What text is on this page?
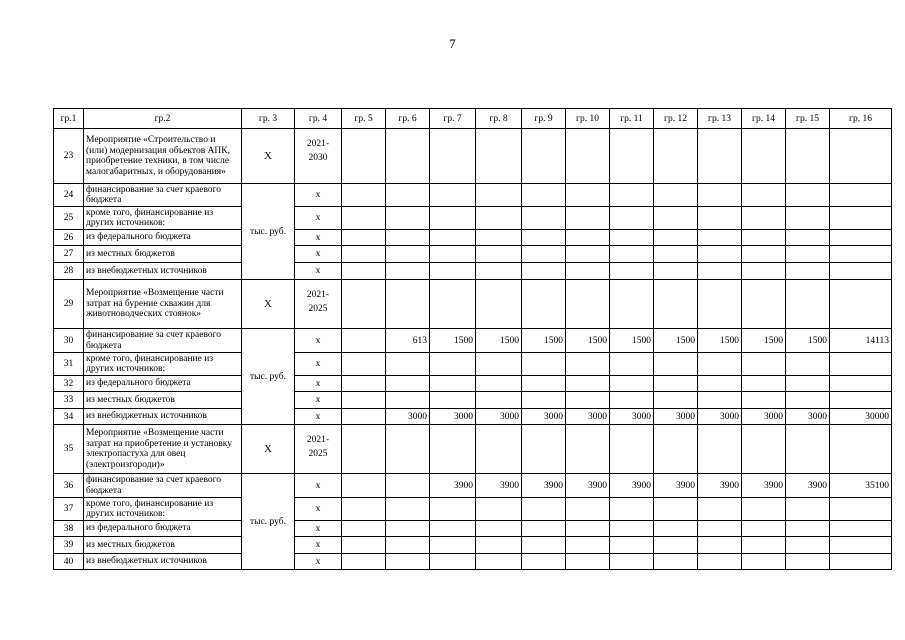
7
гр.1	гр.2	гр. 3	гр. 4	гр. 5	гр. 6	гр. 7	гр. 8	гр. 9	гр. 10	гр. 11	гр. 12	гр. 13	гр. 14	гр. 15	гр. 16
23	Мероприятие «Строительство и (или) модернизация объектов АПК, приобретение техники, в том числе малогабаритных, и оборудования»	Х	2021-
2030												
24	финансирование за счет краевого бюджета	тыс. руб.	х												
25	кроме того, финансирование из других источников:		х												
26	из федерального бюджета		х												
27	из местных бюджетов		х												
28	из внебюджетных источников		х												
29	Мероприятие «Возмещение части затрат на бурение скважин для животноводческих стоянок»	Х	2021-
2025												
30	финансирование за счет краевого бюджета	тыс. руб.	х		613	1500	1500	1500	1500	1500	1500	1500	1500	1500	14113
31	кроме того, финансирование из других источников:		х												
32	из федерального бюджета		х												
33	из местных бюджетов		х												
34	из внебюджетных источников		х		3000	3000	3000	3000	3000	3000	3000	3000	3000	3000	30000
35	Мероприятие «Возмещение части затрат на приобретение и установку электропастуха для овец (электроизгороди)»	Х	2021-
2025												
36	финансирование за счет краевого бюджета	тыс. руб.	х			3900	3900	3900	3900	3900	3900	3900	3900	3900	35100
37	кроме того, финансирование из других источников:		х												
38	из федерального бюджета		х												
39	из местных бюджетов		х												
40	из внебюджетных источников		х												
